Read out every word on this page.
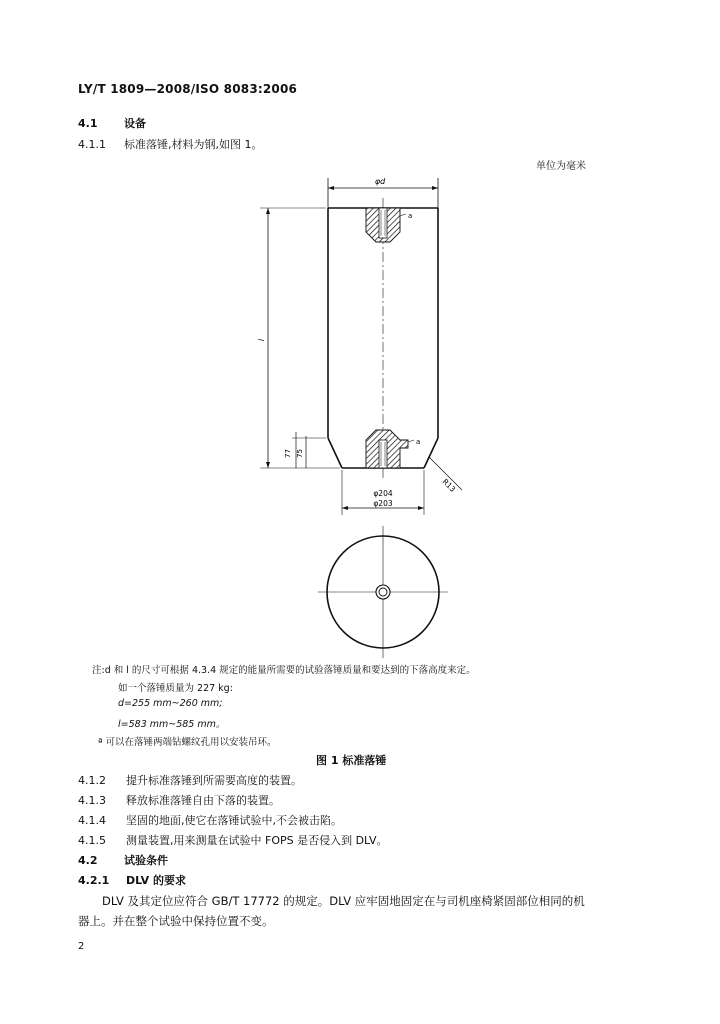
LY/T 1809—2008/ISO 8083:2006
4.1 设备
4.1.1 标准落锤,材料为钢,如图 1。
单位为毫米
φd
a
a
l
77 75
R13
φ204
φ203
注:d 和 l 的尺寸可根据 4.3.4 规定的能量所需要的试验落锤质量和要达到的下落高度来定。
如一个落锤质量为 227 kg:
d=255 mm~260 mm;
l=583 mm~585 mm。
ª 可以在落锤两端钻螺纹孔用以安装吊环。
图 1 标准落锤
4.1.2 提升标准落锤到所需要高度的装置。
4.1.3 释放标准落锤自由下落的装置。
4.1.4 坚固的地面,使它在落锤试验中,不会被击陷。
4.1.5 测量装置,用来测量在试验中 FOPS 是否侵入到 DLV。
4.2 试验条件
4.2.1 DLV 的要求
DLV 及其定位应符合 GB/T 17772 的规定。DLV 应牢固地固定在与司机座椅紧固部位相同的机
器上。并在整个试验中保持位置不变。
2
